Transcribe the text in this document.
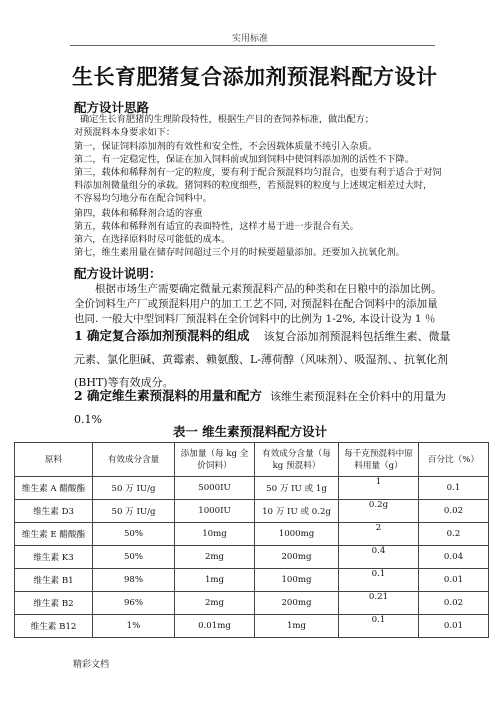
实用标准
生长育肥猪复合添加剂预混料配方设计
配方设计思路
确定生长育肥猪的生理阶段特性，根据生产目的查饲养标准，做出配方；
对预混料本身要求如下：
第一，保证饲料添加剂的有效性和安全性，不会因载体质量不纯引入杂质。
第二，有一定稳定性，保证在加入饲料前或加到饲料中使饲料添加剂的活性不下降。
第三，载体和稀释剂有一定的粒度，要有利于配合预混料均匀混合，也要有利于适合于对饲
料添加剂微量组分的承载。猪饲料的粒度细些，若预混料的粒度与上述规定相差过大时，
不容易均匀地分布在配合饲料中。
第四，载体和稀释剂合适的容重
第五，载体和稀释剂有适宜的表面特性，这样才易于进一步混合有关。
第六，在选择原料时尽可能低的成本。
第七，维生素用量在储存时间超过三个月的时候要超量添加。还要加入抗氧化剂。
配方设计说明：
根据市场生产需要确定微量元素预混料产品的种类和在日粮中的添加比例。
全价饲料生产厂或预混料用户的加工工艺不同, 对预混料在配合饲料中的添加量
也同. 一般大中型饲料厂预混料在全价饲料中的比例为 1-2%, 本设计设为 1 ％
1 确定复合添加剂预混料的组成 该复合添加剂预混料包括维生素、微量
元素、氯化胆碱、黄霉素、赖氨酸、L-薄荷醇（风味剂）、吸湿剂、、抗氧化剂
(BHT)等有效成分。
2 确定维生素预混料的用量和配方 该维生素预混料在全价料中的用量为
0.1%
表一 维生素预混料配方设计
原料	有效成分含量	添加量（每 kg 全价饲料）	有效成分含量（每 kg 预混料）	每千克预混料中原料用量（g）	百分比（%）
维生素 A 醋酸酯	50 万 IU/g	5000IU	50 万 IU 或 1g	1	0.1
维生素 D3	50 万 IU/g	1000IU	10 万 IU 或 0.2g	0.2g	0.02
维生素 E 醋酸酯	50%	10mg	1000mg	2	0.2
维生素 K3	50%	2mg	200mg	0.4	0.04
维生素 B1	98%	1mg	100mg	0.1	0.01
维生素 B2	96%	2mg	200mg	0.21	0.02
维生素 B12	1%	0.01mg	1mg	0.1	0.01
精彩文档
